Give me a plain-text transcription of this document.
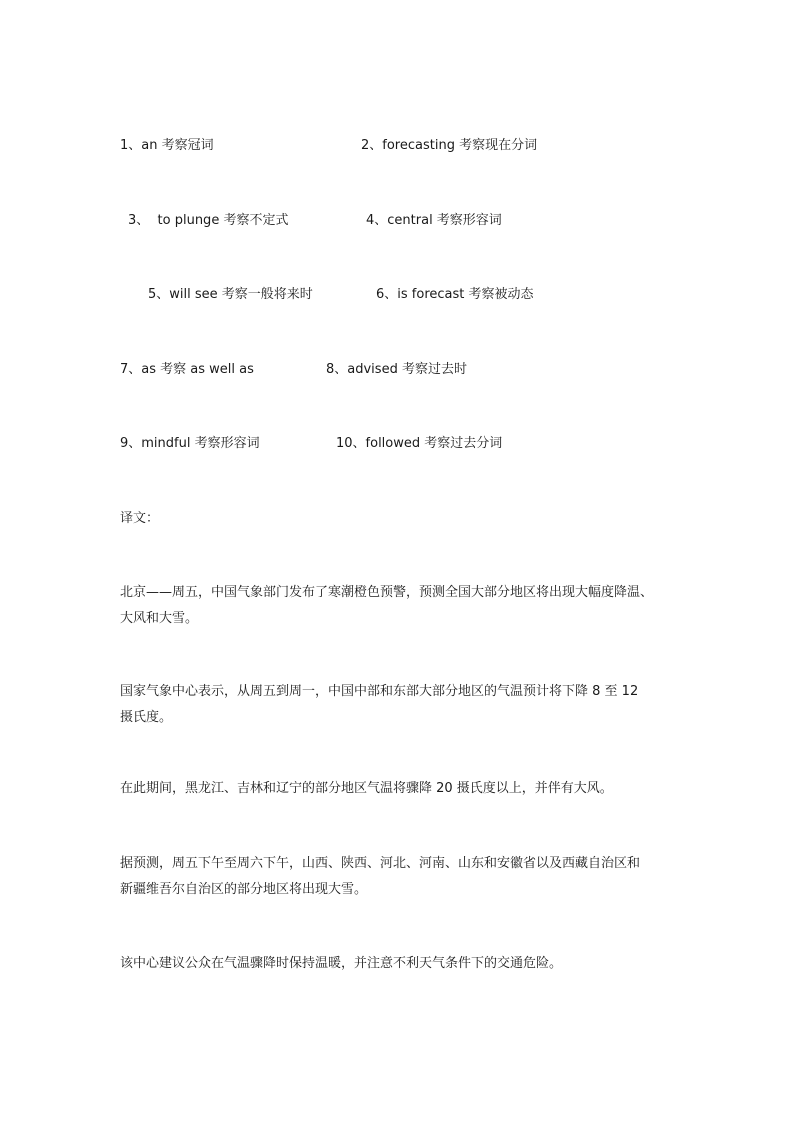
1、an 考察冠词	2、forecasting 考察现在分词
3、  to plunge 考察不定式	4、central 考察形容词
5、will see 考察一般将来时	6、is forecast 考察被动态
7、as 考察 as well as	8、advised 考察过去时
9、mindful 考察形容词	10、followed 考察过去分词
译文：
北京——周五，中国气象部门发布了寒潮橙色预警，预测全国大部分地区将出现大幅度降温、
大风和大雪。
国家气象中心表示，从周五到周一，中国中部和东部大部分地区的气温预计将下降 8 至 12
摄氏度。
在此期间，黑龙江、吉林和辽宁的部分地区气温将骤降 20 摄氏度以上，并伴有大风。
据预测，周五下午至周六下午，山西、陕西、河北、河南、山东和安徽省以及西藏自治区和
新疆维吾尔自治区的部分地区将出现大雪。
该中心建议公众在气温骤降时保持温暖，并注意不利天气条件下的交通危险。
